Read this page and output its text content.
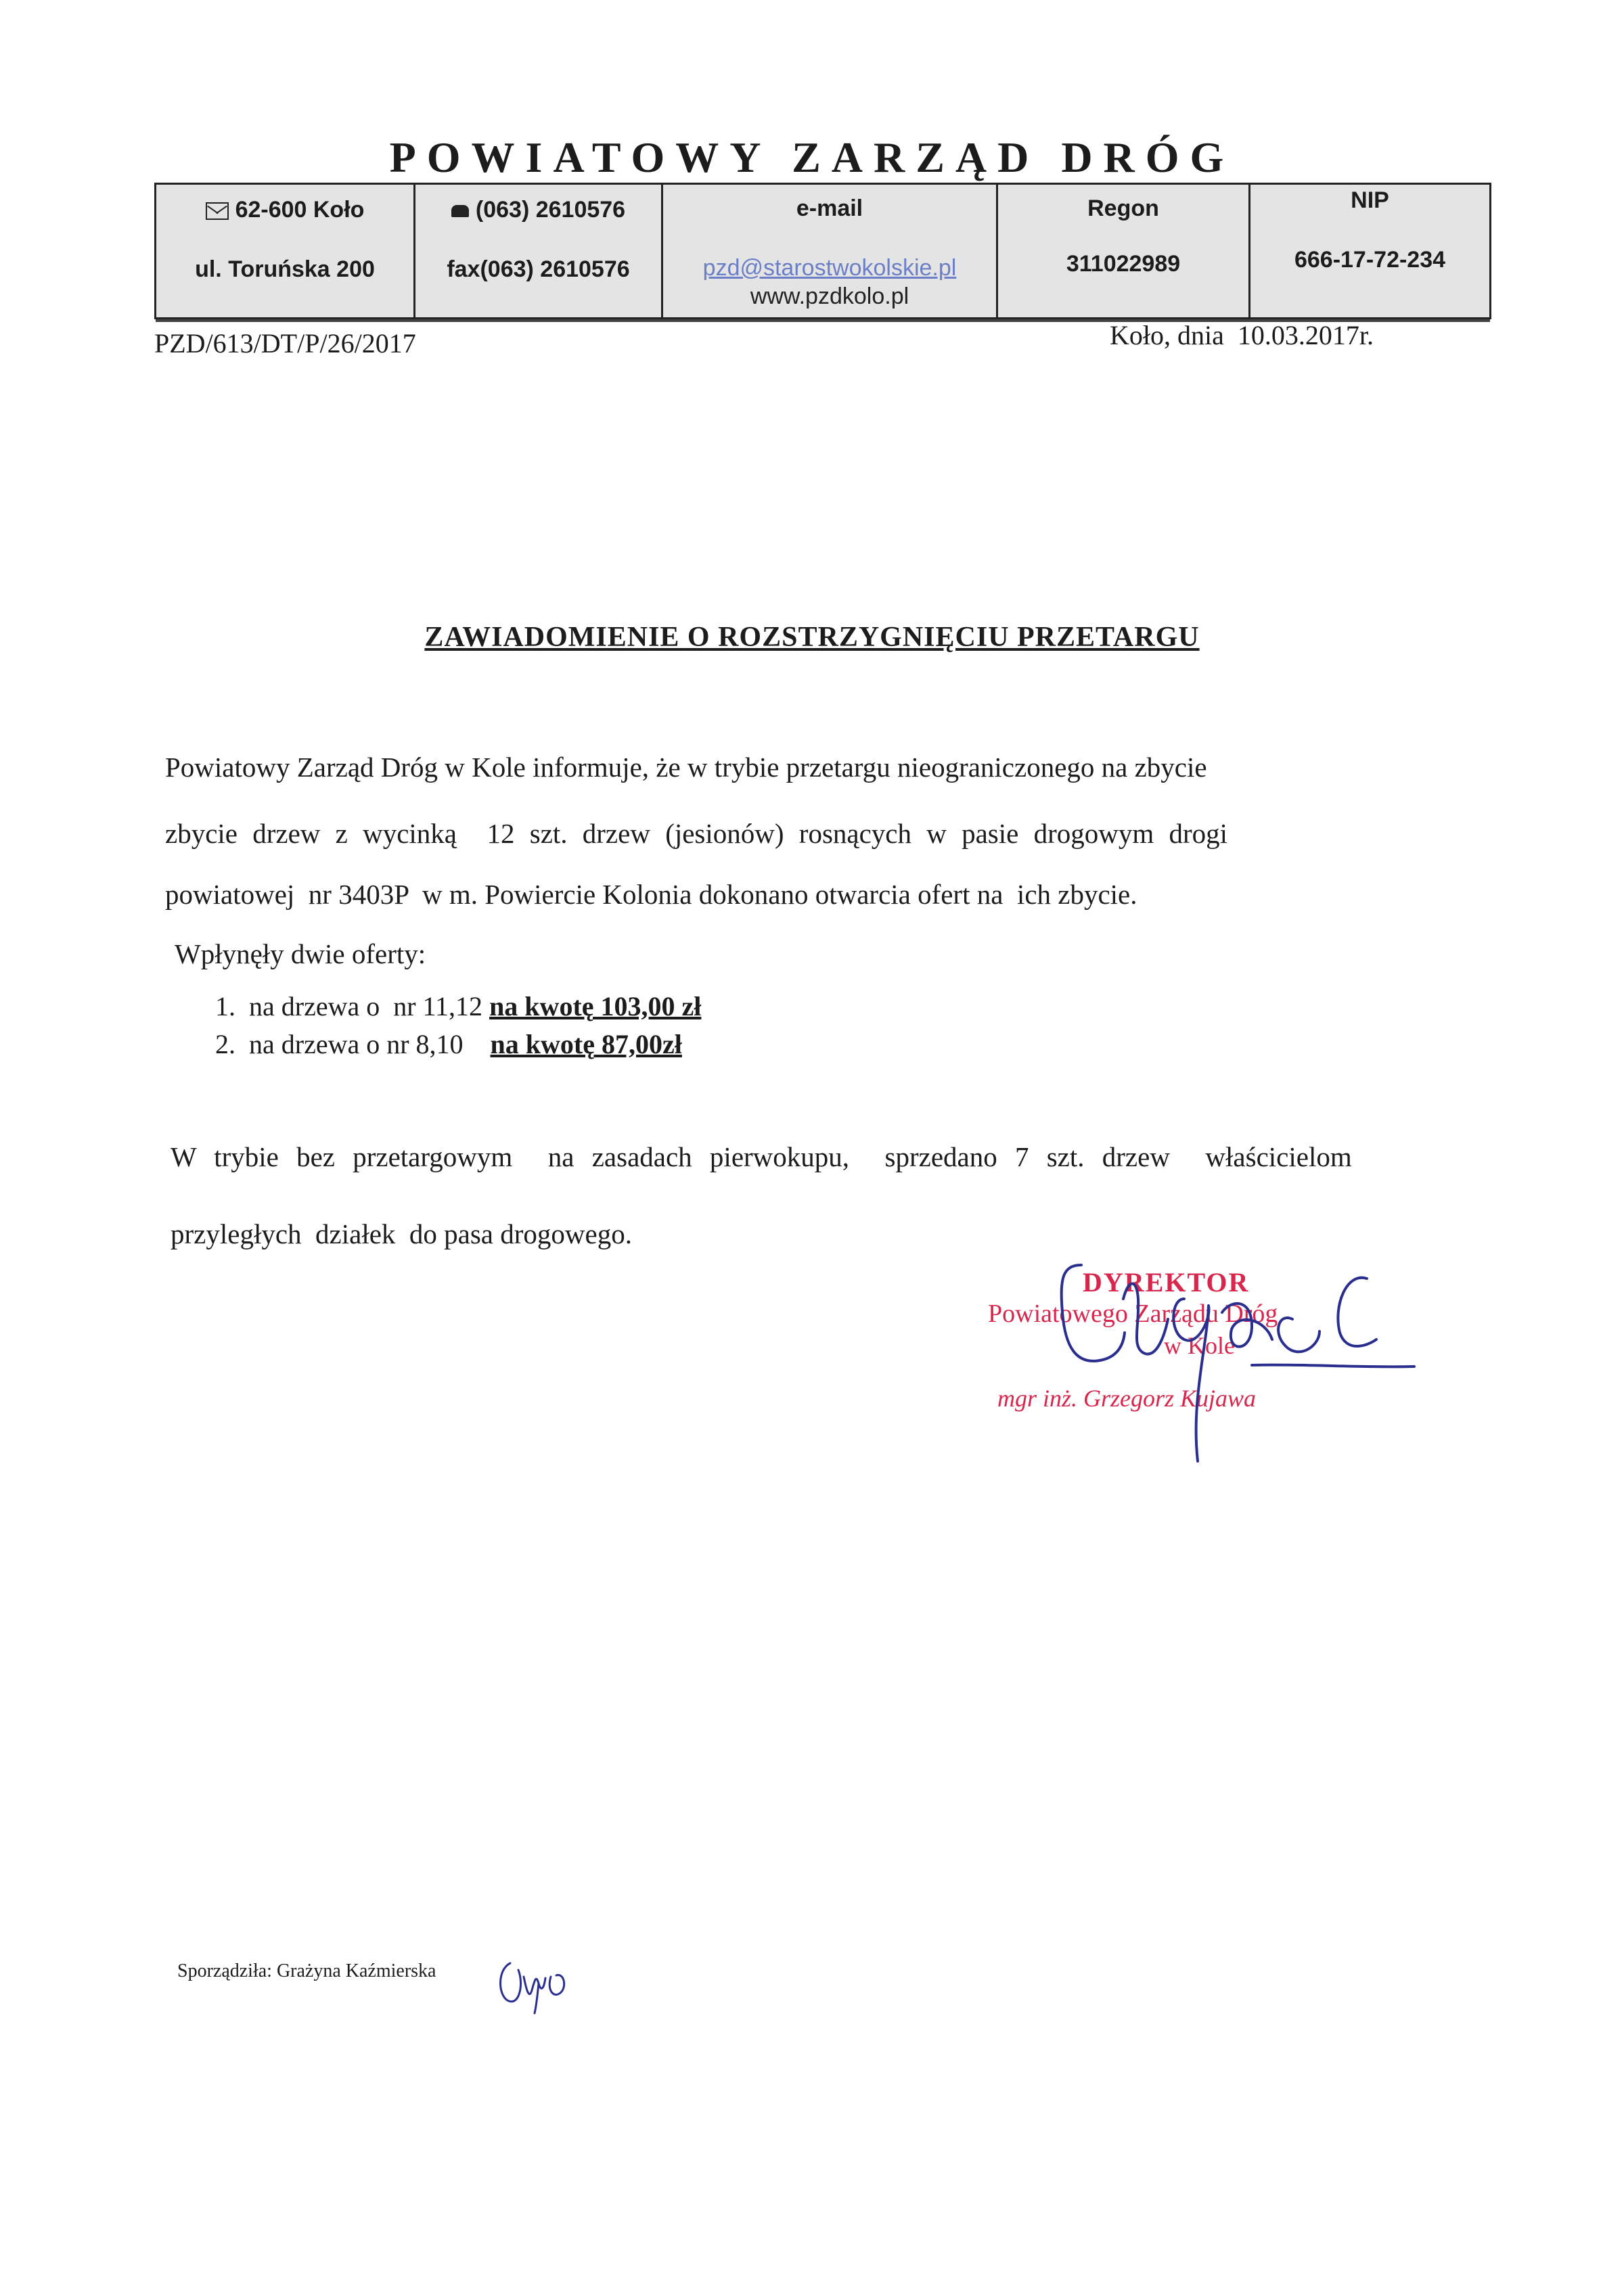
POWIATOWY ZARZĄD DRÓG
62-600 Koło
ul. Toruńska 200
(063) 2610576
fax(063) 2610576
e-mail
pzd@starostwokolskie.pl
www.pzdkolo.pl
Regon
311022989
NIP
666-17-72-234
PZD/613/DT/P/26/2017	Koło, dnia  10.03.2017r.
ZAWIADOMIENIE O ROZSTRZYGNIĘCIU PRZETARGU
Powiatowy Zarząd Dróg w Kole informuje, że w trybie przetargu nieograniczonego na zbycie
zbycie drzew z wycinką  12 szt. drzew (jesionów) rosnących w pasie drogowym drogi
powiatowej  nr 3403P  w m. Powiercie Kolonia dokonano otwarcia ofert na  ich zbycie.
Wpłynęły dwie oferty:
1. na drzewa o  nr 11,12 na kwotę 103,00 zł
2. na drzewa o nr 8,10    na kwotę 87,00zł
W trybie bez przetargowym  na zasadach pierwokupu,  sprzedano 7 szt. drzew  właścicielom
przyległych  działek  do pasa drogowego.
DYREKTOR
Powiatowego Zarządu Dróg
w Kole
mgr inż. Grzegorz Kujawa
Sporządziła: Grażyna Kaźmierska
